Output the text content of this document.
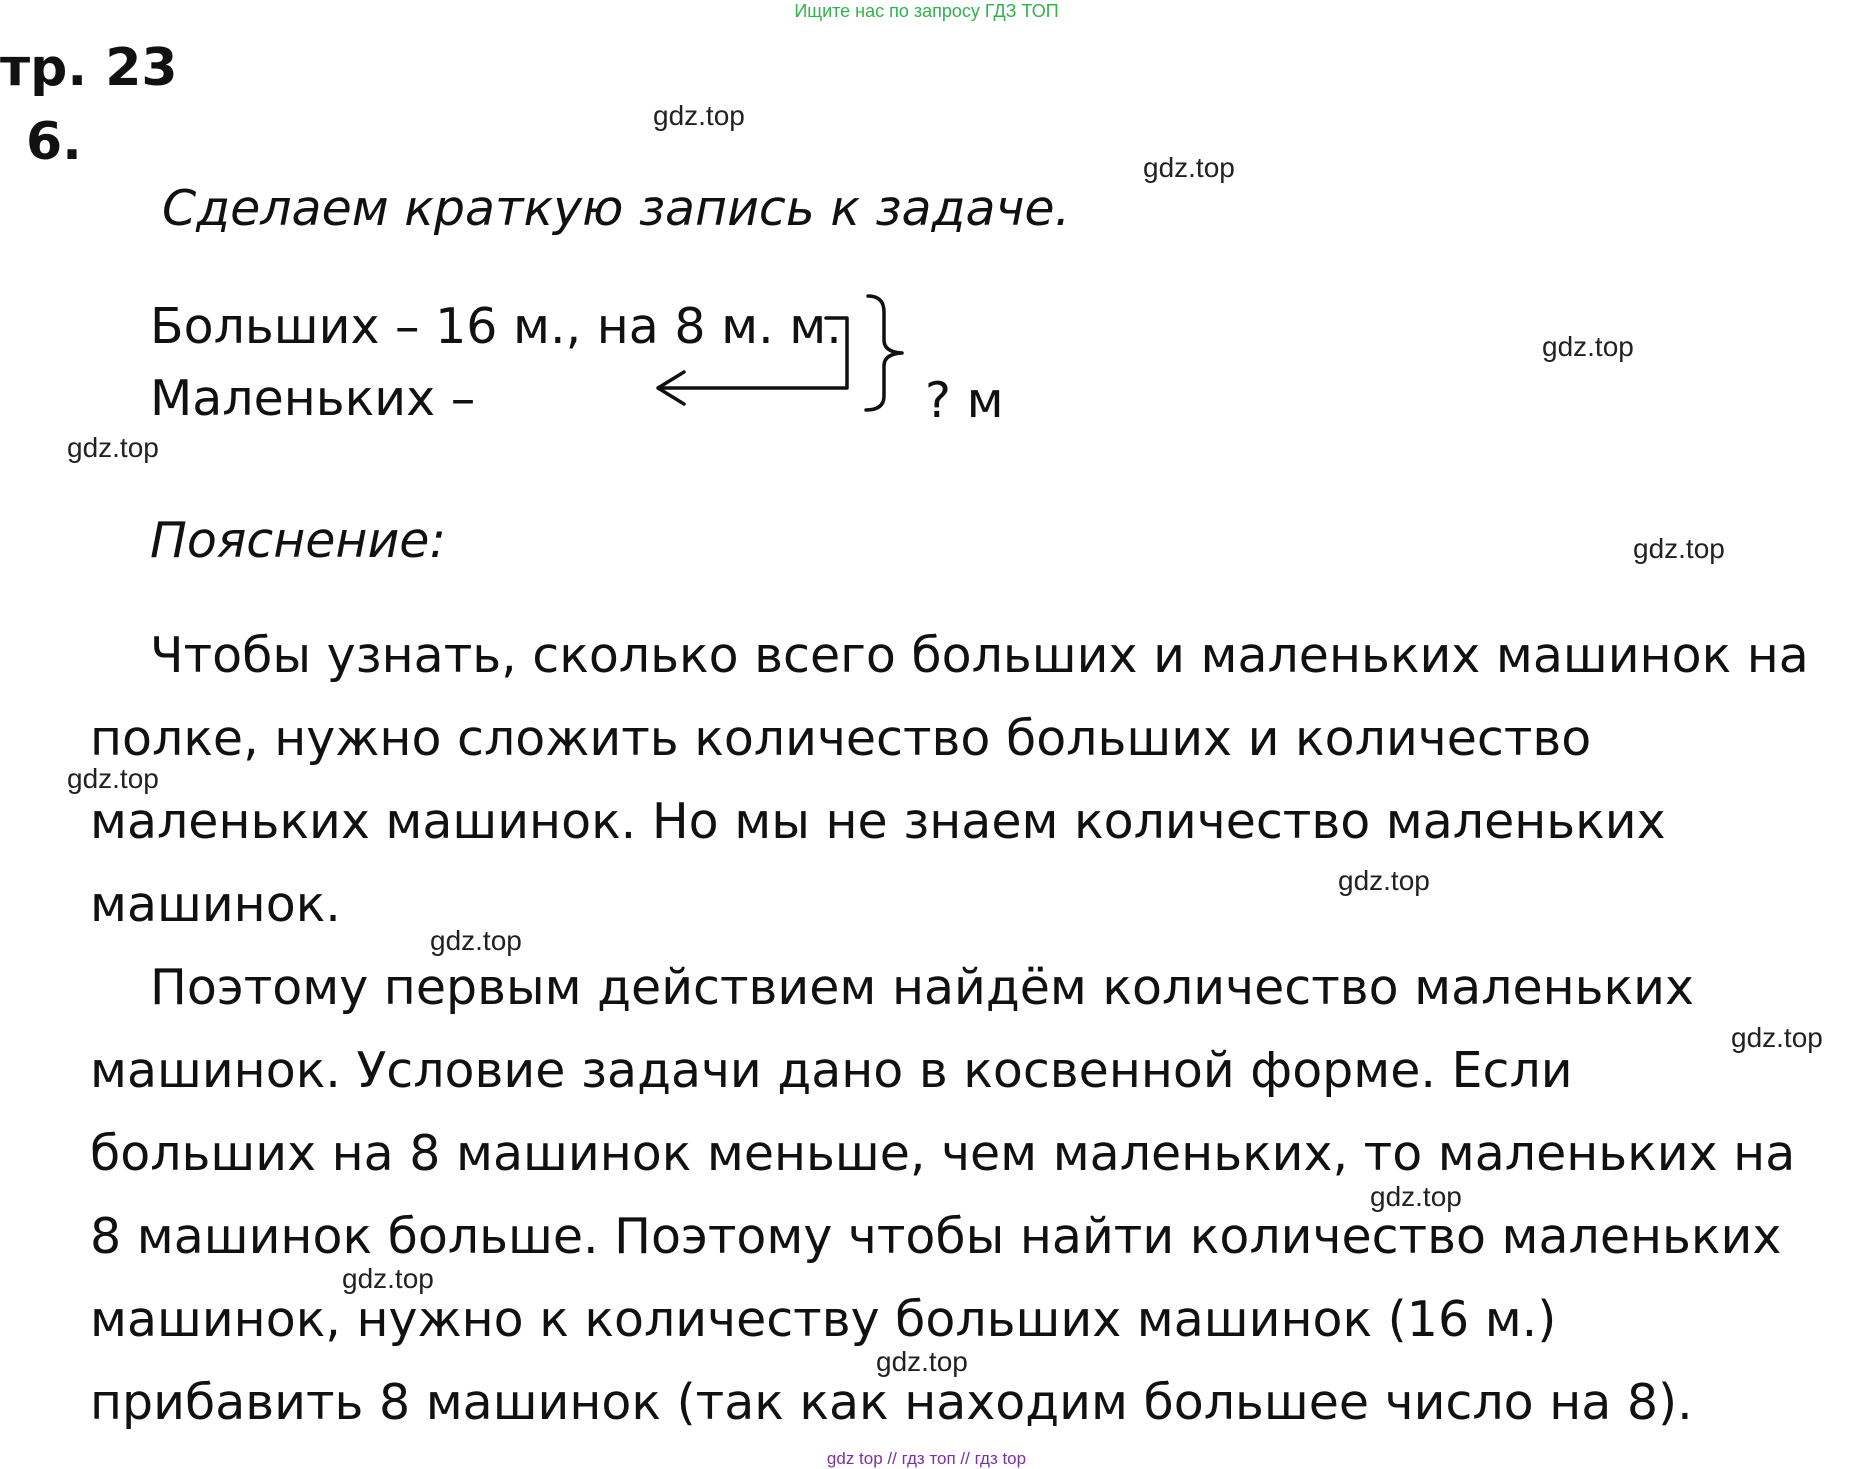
Ищите нас по запросу ГДЗ ТОП
тр. 23
6.
Сделаем краткую запись к задаче.
Больших – 16 м., на 8 м. м.
Маленьких –	? м
Пояснение:
Чтобы узнать, сколько всего больших и маленьких машинок на
полке, нужно сложить количество больших и количество
маленьких машинок. Но мы не знаем количество маленьких
машинок.
Поэтому первым действием найдём количество маленьких
машинок. Условие задачи дано в косвенной форме. Если
больших на 8 машинок меньше, чем маленьких, то маленьких на
8 машинок больше. Поэтому чтобы найти количество маленьких
машинок, нужно к количеству больших машинок (16 м.)
прибавить 8 машинок (так как находим большее число на 8).
gdz.top
gdz.top
gdz.top
gdz.top
gdz.top
gdz.top
gdz.top
gdz.top
gdz.top
gdz.top
gdz.top
gdz.top
gdz top // гдз топ // гдз top
